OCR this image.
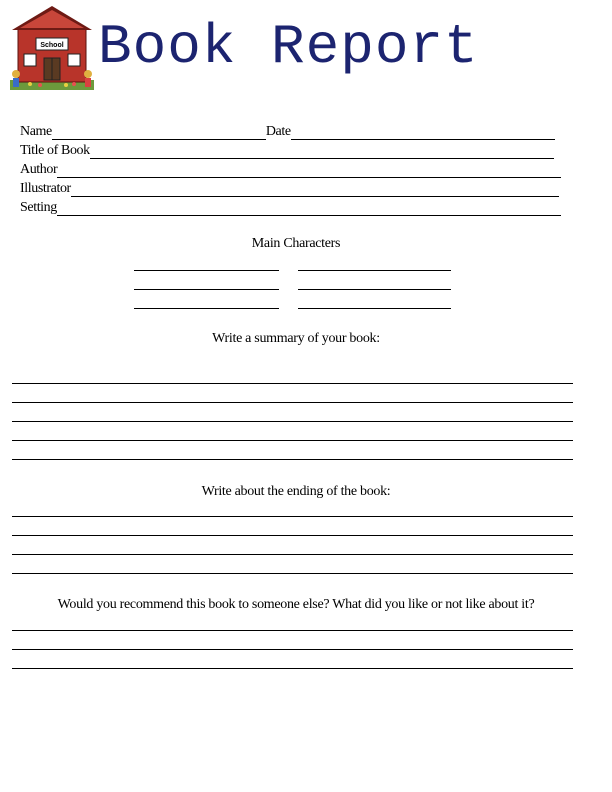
School Book Report
Name	Date
Title of Book
Author
Illustrator
Setting
Main Characters
Write a summary of your book:
Write about the ending of the book:
Would you recommend this book to someone else? What did you like or not like about it?
